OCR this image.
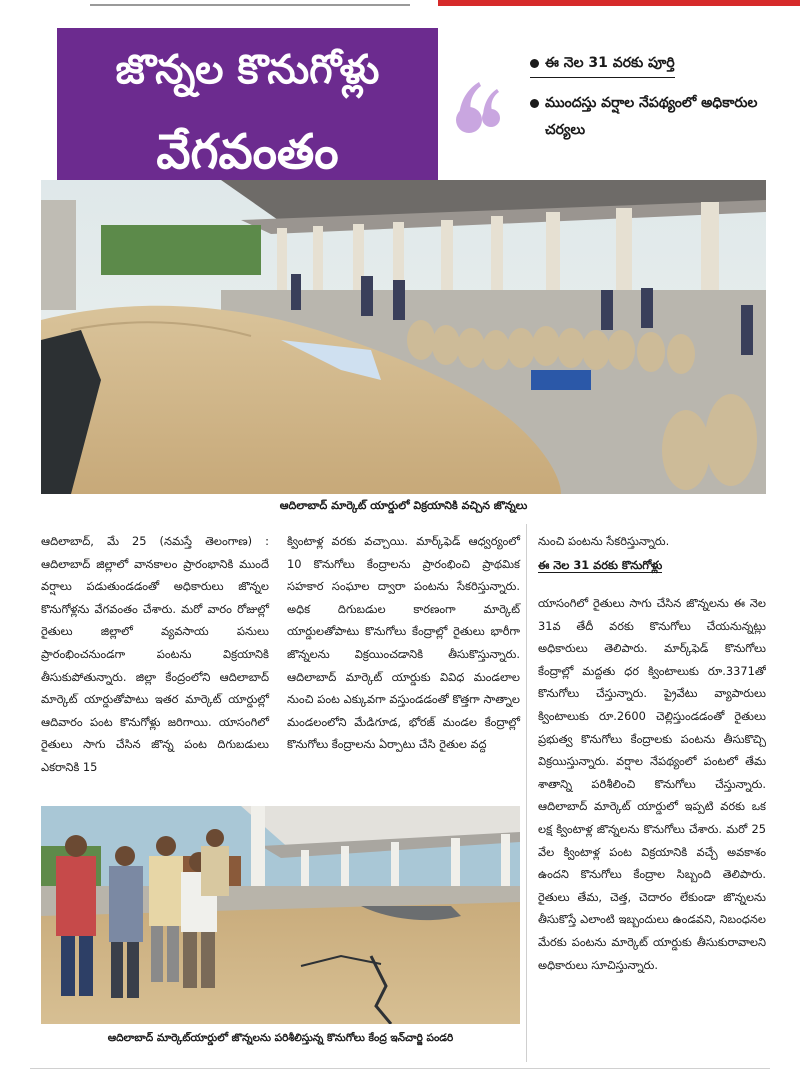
జొన్నల కొనుగోళ్లు
వేగవంతం
ఈ నెల 31 వరకు పూర్తి
ముందస్తు వర్షాల నేపథ్యంలో అధికారుల చర్యలు
ఆదిలాబాద్ మార్కెట్ యార్డులో విక్రయానికి వచ్చిన జొన్నలు

ఆదిలాబాద్, మే 25 (నమస్తే తెలంగాణ) : ఆదిలాబాద్ జిల్లాలో వానకాలం ప్రారంభానికి ముందే వర్షాలు పడుతుండడంతో అధికారులు జొన్నల కొనుగోళ్లను వేగవంతం చేశారు. మరో వారం రోజుల్లో రైతులు జిల్లాలో వ్యవసాయ పనులు ప్రారంభించనుండగా పంటను విక్రయానికి తీసుకుపోతున్నారు. జిల్లా కేంద్రంలోని ఆదిలాబాద్ మార్కెట్ యార్డుతోపాటు ఇతర మార్కెట్ యార్డుల్లో ఆదివారం పంట కొనుగోళ్లు జరిగాయి. యాసంగిలో రైతులు సాగు చేసిన జొన్న పంట దిగుబడులు ఎకరానికి 15

క్వింటాళ్ల వరకు వచ్చాయి. మార్క్‌ఫెడ్ ఆధ్వర్యంలో 10 కొనుగోలు కేంద్రాలను ప్రారంభించి ప్రాథమిక సహకార సంఘాల ద్వారా పంటను సేకరిస్తున్నారు. అధిక దిగుబడుల కారణంగా మార్కెట్ యార్డులతోపాటు కొనుగోలు కేంద్రాల్లో రైతులు భారీగా జొన్నలను విక్రయించడానికి తీసుకొస్తున్నారు. ఆదిలాబాద్ మార్కెట్ యార్డుకు వివిధ మండలాల నుంచి పంట ఎక్కువగా వస్తుండడంతో కొత్తగా సాత్నాల మండలంలోని మేడిగూడ, భోరజ్ మండల కేంద్రాల్లో కొనుగోలు కేంద్రాలను ఏర్పాటు చేసి రైతుల వద్ద

నుంచి పంటను సేకరిస్తున్నారు.

ఈ నెల 31 వరకు కొనుగోళ్లు

యాసంగిలో రైతులు సాగు చేసిన జొన్నలను ఈ నెల 31వ తేదీ వరకు కొనుగోలు చేయనున్నట్లు అధికారులు తెలిపారు. మార్క్‌ఫెడ్ కొనుగోలు కేంద్రాల్లో మద్దతు ధర క్వింటాలుకు రూ.3371తో కొనుగోలు చేస్తున్నారు. ప్రైవేటు వ్యాపారులు క్వింటాలుకు రూ.2600 చెల్లిస్తుండడంతో రైతులు ప్రభుత్వ కొనుగోలు కేంద్రాలకు పంటను తీసుకొచ్చి విక్రయిస్తున్నారు. వర్షాల నేపథ్యంలో పంటలో తేమ శాతాన్ని పరిశీలించి కొనుగోలు చేస్తున్నారు. ఆదిలాబాద్ మార్కెట్ యార్డులో ఇప్పటి వరకు ఒక లక్ష క్వింటాళ్ల జొన్నలను కొనుగోలు చేశారు. మరో 25 వేల క్వింటాళ్ల పంట విక్రయానికి వచ్చే అవకాశం ఉందని కొనుగోలు కేంద్రాల సిబ్బంది తెలిపారు. రైతులు తేమ, చెత్త, చెదారం లేకుండా జొన్నలను తీసుకొస్తే ఎలాంటి ఇబ్బందులు ఉండవని, నిబంధనల మేరకు పంటను మార్కెట్ యార్డుకు తీసుకురావాలని అధికారులు సూచిస్తున్నారు.

ఆదిలాబాద్ మార్కెట్‌యార్డులో జొన్నలను పరిశీలిస్తున్న కొనుగోలు కేంద్ర ఇన్‌చార్జి పండరి
